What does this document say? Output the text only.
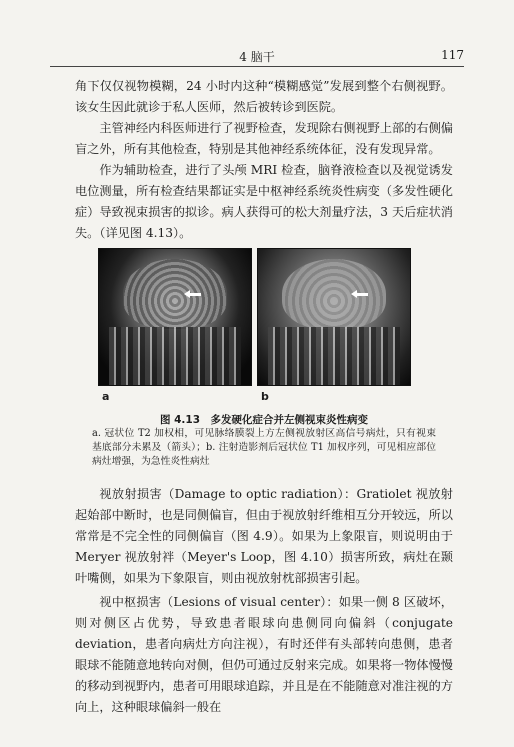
4 脑干	117

角下仅仅视物模糊，24 小时内这种“模糊感觉”发展到整个右侧视野。该女生因此就诊于私人医师，然后被转诊到医院。

主管神经内科医师进行了视野检查，发现除右侧视野上部的右侧偏盲之外，所有其他检查，特别是其他神经系统体征，没有发现异常。

作为辅助检查，进行了头颅 MRI 检查，脑脊液检查以及视觉诱发电位测量，所有检查结果都证实是中枢神经系统炎性病变（多发性硬化症）导致视束损害的拟诊。病人获得可的松大剂量疗法，3 天后症状消失。（详见图 4.13）。

a	b
图 4.13　多发硬化症合并左侧视束炎性病变

a. 冠状位 T2 加权相，可见脉络膜裂上方左侧视放射区高信号病灶，只有视束基底部分未累及（箭头）；b. 注射造影剂后冠状位 T1 加权序列，可见相应部位病灶增强，为急性炎性病灶

视放射损害（Damage to optic radiation）：Gratiolet 视放射起始部中断时，也是同侧偏盲，但由于视放射纤维相互分开较远，所以常常是不完全性的同侧偏盲（图 4.9）。如果为上象限盲，则说明由于 Meryer 视放射袢（Meyer's Loop，图 4.10）损害所致，病灶在颞叶嘴侧，如果为下象限盲，则由视放射枕部损害引起。

视中枢损害（Lesions of visual center）：如果一侧 8 区破坏，则对侧区占优势，导致患者眼球向患侧同向偏斜（conjugate deviation，患者向病灶方向注视），有时还伴有头部转向患侧，患者眼球不能随意地转向对侧，但仍可通过反射来完成。如果将一物体慢慢的移动到视野内，患者可用眼球追踪，并且是在不能随意对准注视的方向上，这种眼球偏斜一般在
